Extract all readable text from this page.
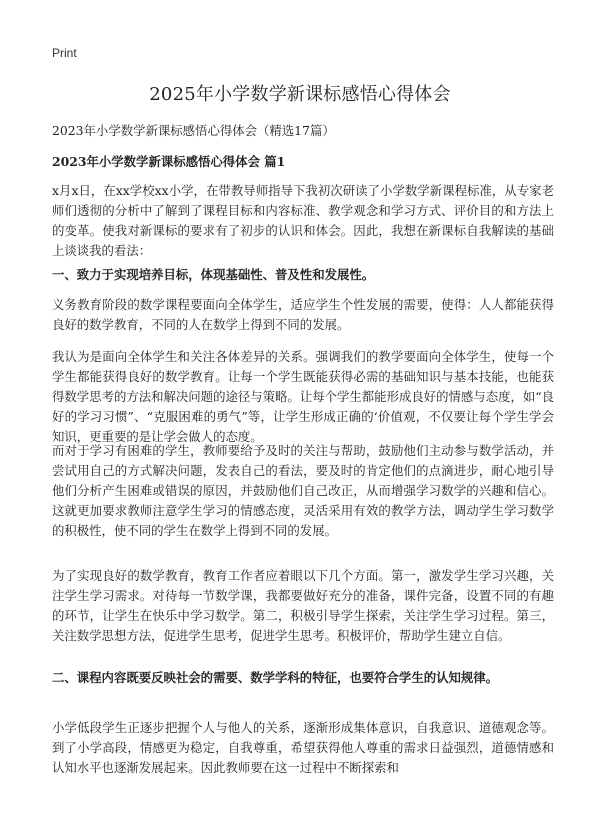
Print
2025年小学数学新课标感悟心得体会

2023年小学数学新课标感悟心得体会（精选17篇）

2023年小学数学新课标感悟心得体会 篇1

x月x日，在xx学校xx小学，在带教导师指导下我初次研读了小学数学新课程标准，从专家老师们透彻的分析中了解到了课程目标和内容标准、教学观念和学习方式、评价目的和方法上的变革。使我对新课标的要求有了初步的认识和体会。因此，我想在新课标自我解读的基础上谈谈我的看法：

一、致力于实现培养目标，体现基础性、普及性和发展性。

义务教育阶段的数学课程要面向全体学生，适应学生个性发展的需要，使得：人人都能获得良好的数学教育，不同的人在数学上得到不同的发展。

我认为是面向全体学生和关注各体差异的关系。强调我们的教学要面向全体学生，使每一个学生都能获得良好的数学教育。让每一个学生既能获得必需的基础知识与基本技能，也能获得数学思考的方法和解决问题的途径与策略。让每个学生都能形成良好的情感与态度，如“良好的学习习惯”、“克服困难的勇气”等，让学生形成正确的‘价值观，不仅要让每个学生学会知识，更重要的是让学会做人的态度。

而对于学习有困难的学生，教师要给予及时的关注与帮助，鼓励他们主动参与数学活动，并尝试用自己的方式解决问题，发表自己的看法，要及时的肯定他们的点滴进步，耐心地引导他们分析产生困难或错误的原因，并鼓励他们自己改正，从而增强学习数学的兴趣和信心。这就更加要求教师注意学生学习的情感态度，灵活采用有效的教学方法，调动学生学习数学的积极性，使不同的学生在数学上得到不同的发展。

为了实现良好的数学教育，教育工作者应着眼以下几个方面。第一，激发学生学习兴趣，关注学生学习需求。对待每一节数学课，我都要做好充分的准备，课件完备，设置不同的有趣的环节，让学生在快乐中学习数学。第二，积极引导学生探索，关注学生学习过程。第三，关注数学思想方法，促进学生思考，促进学生思考。积极评价，帮助学生建立自信。

二、课程内容既要反映社会的需要、数学学科的特征，也要符合学生的认知规律。

小学低段学生正逐步把握个人与他人的关系，逐渐形成集体意识，自我意识、道德观念等。到了小学高段，情感更为稳定，自我尊重，希望获得他人尊重的需求日益强烈，道德情感和认知水平也逐渐发展起来。因此教师要在这一过程中不断探索和
